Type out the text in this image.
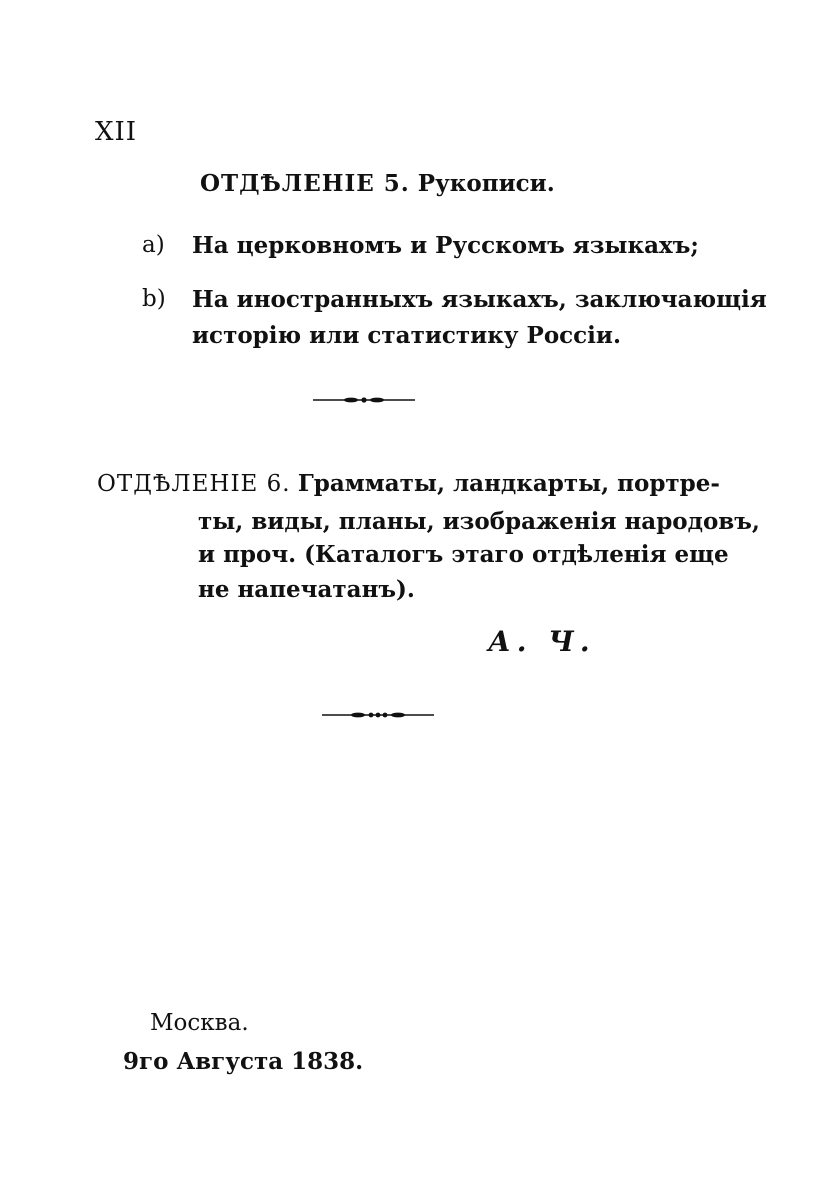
XII
ОТДѢЛЕНІЕ 5. Рукописи.
a) На церковномъ и Русскомъ языкахъ;
b) На иностранныхъ языкахъ, заключающія
исторію или статистику Россіи.
ОТДѢЛЕНІЕ 6. Граммaты, ландкарты, портре-
ты, виды, планы, изображенія народовъ,
и проч. (Каталогъ этаго отдѣленія еще
не напечатанъ).
А. Ч.
Москва.
9го Августа 1838.
